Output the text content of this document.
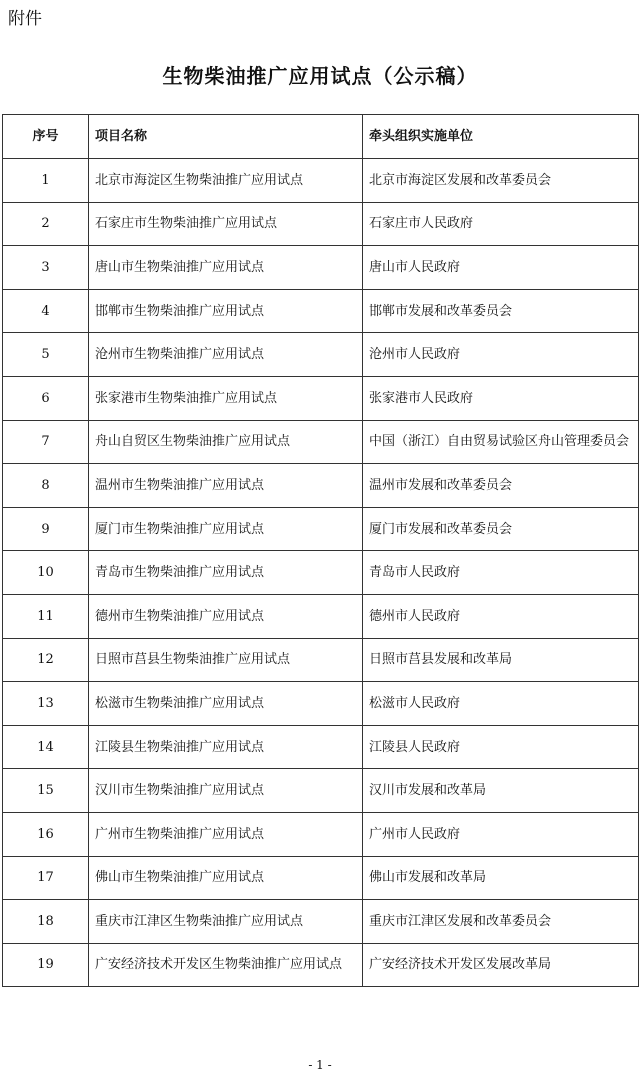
附件
生物柴油推广应用试点（公示稿）
序号	项目名称	牵头组织实施单位
1	北京市海淀区生物柴油推广应用试点	北京市海淀区发展和改革委员会
2	石家庄市生物柴油推广应用试点	石家庄市人民政府
3	唐山市生物柴油推广应用试点	唐山市人民政府
4	邯郸市生物柴油推广应用试点	邯郸市发展和改革委员会
5	沧州市生物柴油推广应用试点	沧州市人民政府
6	张家港市生物柴油推广应用试点	张家港市人民政府
7	舟山自贸区生物柴油推广应用试点	中国（浙江）自由贸易试验区舟山管理委员会
8	温州市生物柴油推广应用试点	温州市发展和改革委员会
9	厦门市生物柴油推广应用试点	厦门市发展和改革委员会
10	青岛市生物柴油推广应用试点	青岛市人民政府
11	德州市生物柴油推广应用试点	德州市人民政府
12	日照市莒县生物柴油推广应用试点	日照市莒县发展和改革局
13	松滋市生物柴油推广应用试点	松滋市人民政府
14	江陵县生物柴油推广应用试点	江陵县人民政府
15	汉川市生物柴油推广应用试点	汉川市发展和改革局
16	广州市生物柴油推广应用试点	广州市人民政府
17	佛山市生物柴油推广应用试点	佛山市发展和改革局
18	重庆市江津区生物柴油推广应用试点	重庆市江津区发展和改革委员会
19	广安经济技术开发区生物柴油推广应用试点	广安经济技术开发区发展改革局
- 1 -
